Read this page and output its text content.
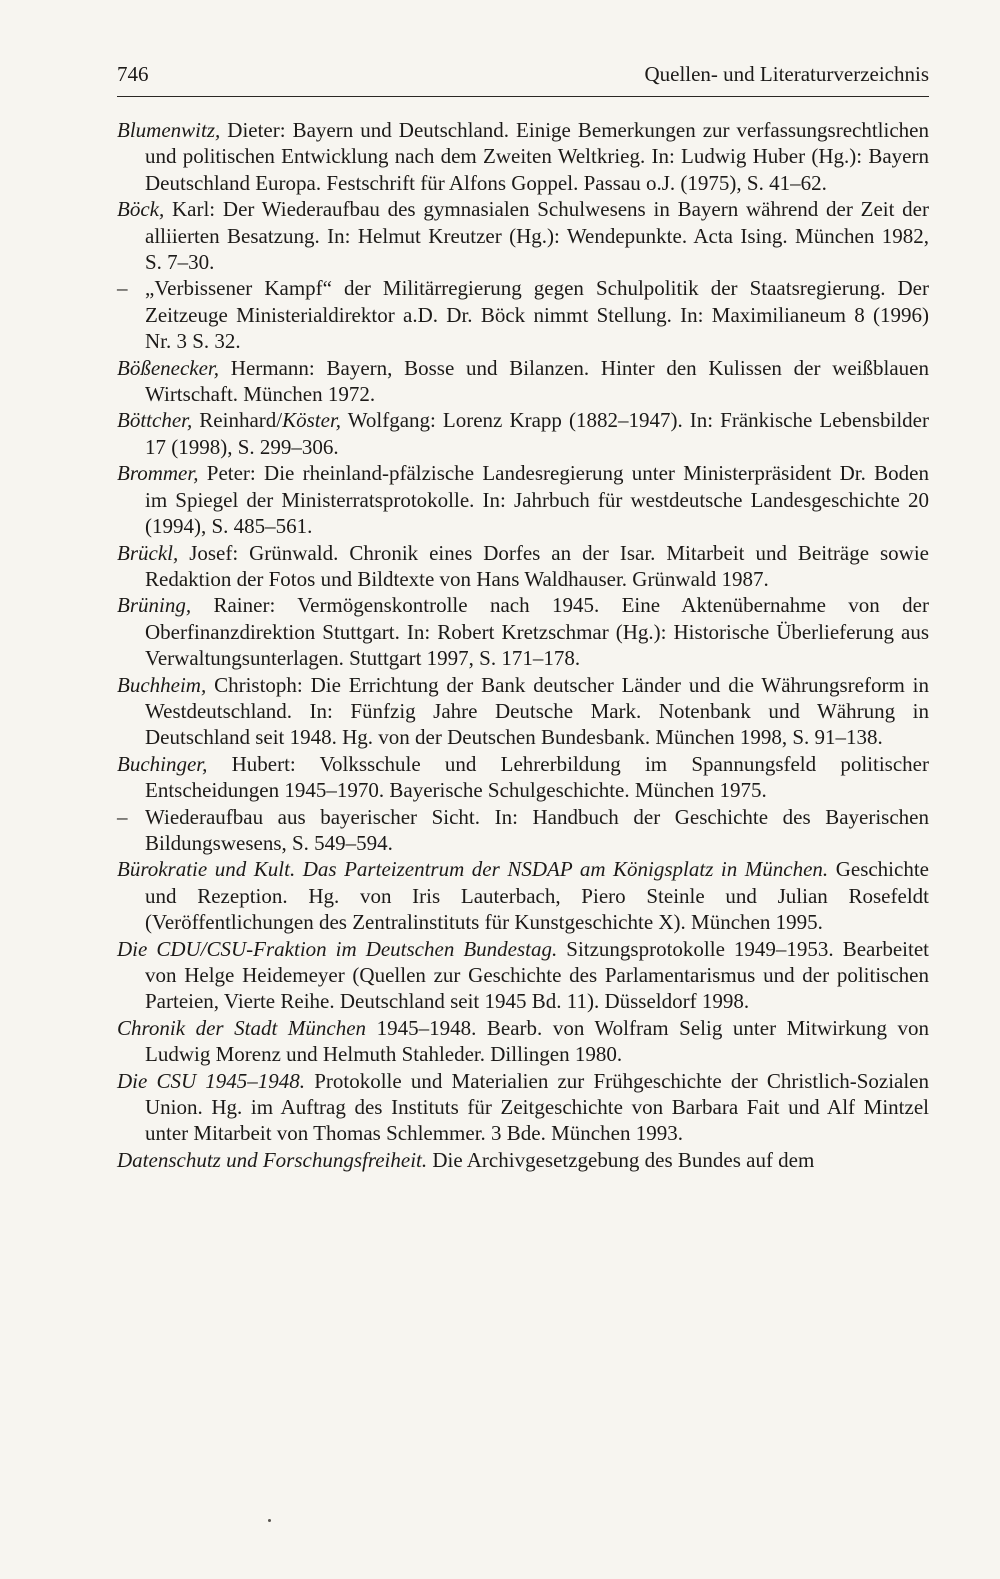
746	Quellen- und Literaturverzeichnis

Blumenwitz, Dieter: Bayern und Deutschland. Einige Bemerkungen zur verfassungsrechtlichen und politischen Entwicklung nach dem Zweiten Weltkrieg. In: Ludwig Huber (Hg.): Bayern Deutschland Europa. Festschrift für Alfons Goppel. Passau o.J. (1975), S. 41–62.

Böck, Karl: Der Wiederaufbau des gymnasialen Schulwesens in Bayern während der Zeit der alliierten Besatzung. In: Helmut Kreutzer (Hg.): Wendepunkte. Acta Ising. München 1982, S. 7–30.

– „Verbissener Kampf“ der Militärregierung gegen Schulpolitik der Staatsregierung. Der Zeitzeuge Ministerialdirektor a.D. Dr. Böck nimmt Stellung. In: Maximilianeum 8 (1996) Nr. 3 S. 32.

Bößenecker, Hermann: Bayern, Bosse und Bilanzen. Hinter den Kulissen der weißblauen Wirtschaft. München 1972.

Böttcher, Reinhard/Köster, Wolfgang: Lorenz Krapp (1882–1947). In: Fränkische Lebensbilder 17 (1998), S. 299–306.

Brommer, Peter: Die rheinland-pfälzische Landesregierung unter Ministerpräsident Dr. Boden im Spiegel der Ministerratsprotokolle. In: Jahrbuch für westdeutsche Landesgeschichte 20 (1994), S. 485–561.

Brückl, Josef: Grünwald. Chronik eines Dorfes an der Isar. Mitarbeit und Beiträge sowie Redaktion der Fotos und Bildtexte von Hans Waldhauser. Grünwald 1987.

Brüning, Rainer: Vermögenskontrolle nach 1945. Eine Aktenübernahme von der Oberfinanzdirektion Stuttgart. In: Robert Kretzschmar (Hg.): Historische Überlieferung aus Verwaltungsunterlagen. Stuttgart 1997, S. 171–178.

Buchheim, Christoph: Die Errichtung der Bank deutscher Länder und die Währungsreform in Westdeutschland. In: Fünfzig Jahre Deutsche Mark. Notenbank und Währung in Deutschland seit 1948. Hg. von der Deutschen Bundesbank. München 1998, S. 91–138.

Buchinger, Hubert: Volksschule und Lehrerbildung im Spannungsfeld politischer Entscheidungen 1945–1970. Bayerische Schulgeschichte. München 1975.

– Wiederaufbau aus bayerischer Sicht. In: Handbuch der Geschichte des Bayerischen Bildungswesens, S. 549–594.

Bürokratie und Kult. Das Parteizentrum der NSDAP am Königsplatz in München. Geschichte und Rezeption. Hg. von Iris Lauterbach, Piero Steinle und Julian Rosefeldt (Veröffentlichungen des Zentralinstituts für Kunstgeschichte X). München 1995.

Die CDU/CSU-Fraktion im Deutschen Bundestag. Sitzungsprotokolle 1949–1953. Bearbeitet von Helge Heidemeyer (Quellen zur Geschichte des Parlamentarismus und der politischen Parteien, Vierte Reihe. Deutschland seit 1945 Bd. 11). Düsseldorf 1998.

Chronik der Stadt München 1945–1948. Bearb. von Wolfram Selig unter Mitwirkung von Ludwig Morenz und Helmuth Stahleder. Dillingen 1980.

Die CSU 1945–1948. Protokolle und Materialien zur Frühgeschichte der Christlich-Sozialen Union. Hg. im Auftrag des Instituts für Zeitgeschichte von Barbara Fait und Alf Mintzel unter Mitarbeit von Thomas Schlemmer. 3 Bde. München 1993.

Datenschutz und Forschungsfreiheit. Die Archivgesetzgebung des Bundes auf dem
